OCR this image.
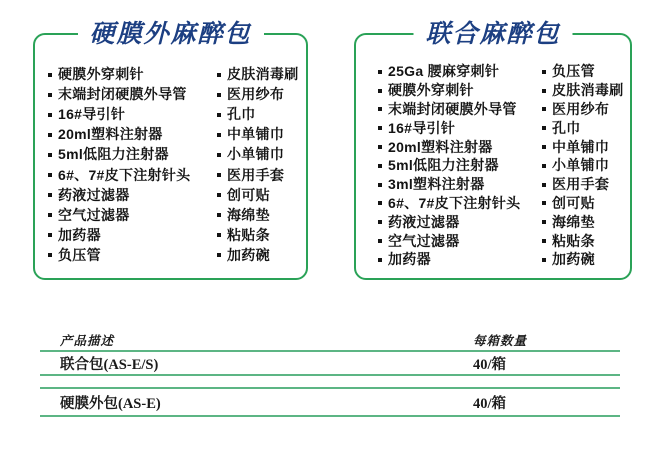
硬膜外麻醉包
硬膜外穿刺针
末端封闭硬膜外导管
16#导引针
20ml塑料注射器
5ml低阻力注射器
6#、7#皮下注射针头
药液过滤器
空气过滤器
加药器
负压管
皮肤消毒刷
医用纱布
孔巾
中单铺巾
小单铺巾
医用手套
创可贴
海绵垫
粘贴条
加药碗
联合麻醉包
25Ga 腰麻穿刺针
硬膜外穿刺针
末端封闭硬膜外导管
16#导引针
20ml塑料注射器
5ml低阻力注射器
3ml塑料注射器
6#、7#皮下注射针头
药液过滤器
空气过滤器
加药器
负压管
皮肤消毒刷
医用纱布
孔巾
中单铺巾
小单铺巾
医用手套
创可贴
海绵垫
粘贴条
加药碗
产品描述	每箱数量
联合包(AS-E/S)	40/箱
硬膜外包(AS-E)	40/箱
